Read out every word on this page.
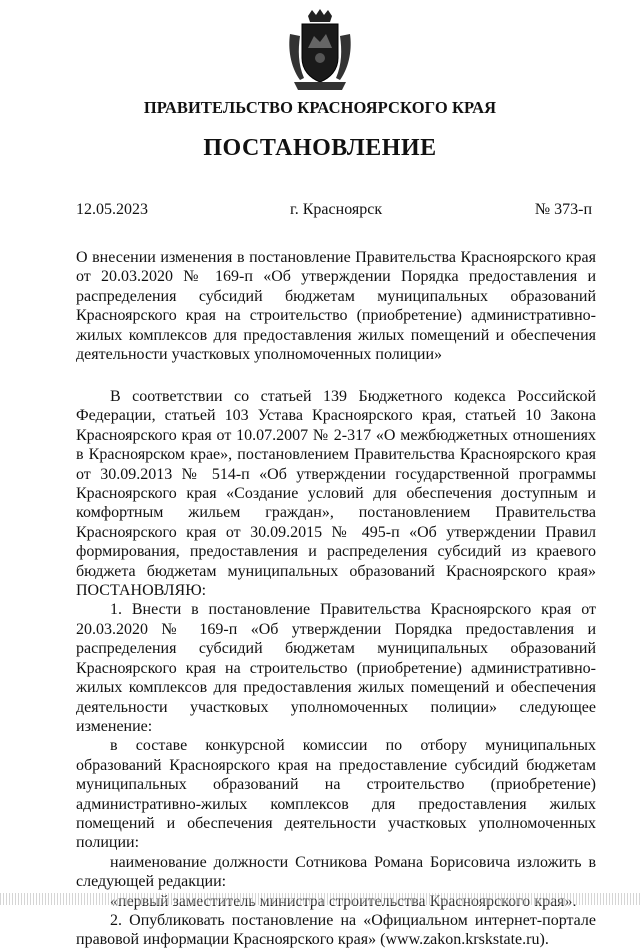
ПРАВИТЕЛЬСТВО КРАСНОЯРСКОГО КРАЯ
ПОСТАНОВЛЕНИЕ
12.05.2023	г. Красноярск	№ 373-п
О внесении изменения в постановление Правительства Красноярского края от 20.03.2020 № 169-п «Об утверждении Порядка предоставления и распределения субсидий бюджетам муниципальных образований Красноярского края на строительство (приобретение) административно-жилых комплексов для предоставления жилых помещений и обеспечения деятельности участковых уполномоченных полиции»

В соответствии со статьей 139 Бюджетного кодекса Российской Федерации, статьей 103 Устава Красноярского края, статьей 10 Закона Красноярского края от 10.07.2007 № 2-317 «О межбюджетных отношениях в Красноярском крае», постановлением Правительства Красноярского края от 30.09.2013 № 514-п «Об утверждении государственной программы Красноярского края «Создание условий для обеспечения доступным и комфортным жильем граждан», постановлением Правительства Красноярского края от 30.09.2015 № 495-п «Об утверждении Правил формирования, предоставления и распределения субсидий из краевого бюджета бюджетам муниципальных образований Красноярского края» ПОСТАНОВЛЯЮ:

1. Внести в постановление Правительства Красноярского края от 20.03.2020 № 169-п «Об утверждении Порядка предоставления и распределения субсидий бюджетам муниципальных образований Красноярского края на строительство (приобретение) административно-жилых комплексов для предоставления жилых помещений и обеспечения деятельности участковых уполномоченных полиции» следующее изменение:

в составе конкурсной комиссии по отбору муниципальных образований Красноярского края на предоставление субсидий бюджетам муниципальных образований на строительство (приобретение) административно-жилых комплексов для предоставления жилых помещений и обеспечения деятельности участковых уполномоченных полиции:

наименование должности Сотникова Романа Борисовича изложить в следующей редакции:

«первый заместитель министра строительства Красноярского края».

2. Опубликовать постановление на «Официальном интернет-портале правовой информации Красноярского края» (www.zakon.krskstate.ru).
